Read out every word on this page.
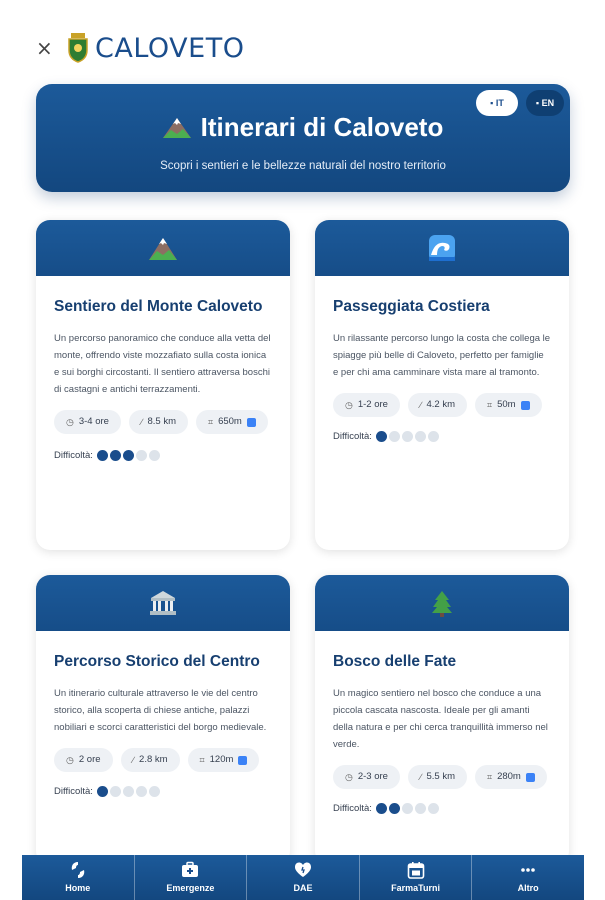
× CALOVETO
▪ IT	▪ EN
Itinerari di Caloveto
Scopri i sentieri e le bellezze naturali del nostro territorio
Sentiero del Monte Caloveto
Un percorso panoramico che conduce alla vetta del monte, offrendo viste mozzafiato sulla costa ionica e sui borghi circostanti. Il sentiero attraversa boschi di castagni e antichi terrazzamenti.
◷ 3-4 ore	∕ 8.5 km	⌗ 650m
Difficoltà:
Passeggiata Costiera
Un rilassante percorso lungo la costa che collega le spiagge più belle di Caloveto, perfetto per famiglie e per chi ama camminare vista mare al tramonto.
◷ 1-2 ore	∕ 4.2 km	⌗ 50m
Difficoltà:
Percorso Storico del Centro
Un itinerario culturale attraverso le vie del centro storico, alla scoperta di chiese antiche, palazzi nobiliari e scorci caratteristici del borgo medievale.
◷ 2 ore	∕ 2.8 km	⌗ 120m
Difficoltà:
Bosco delle Fate
Un magico sentiero nel bosco che conduce a una piccola cascata nascosta. Ideale per gli amanti della natura e per chi cerca tranquillità immerso nel verde.
◷ 2-3 ore	∕ 5.5 km	⌗ 280m
Difficoltà:
Home	Emergenze	DAE	FarmaTurni	Altro
